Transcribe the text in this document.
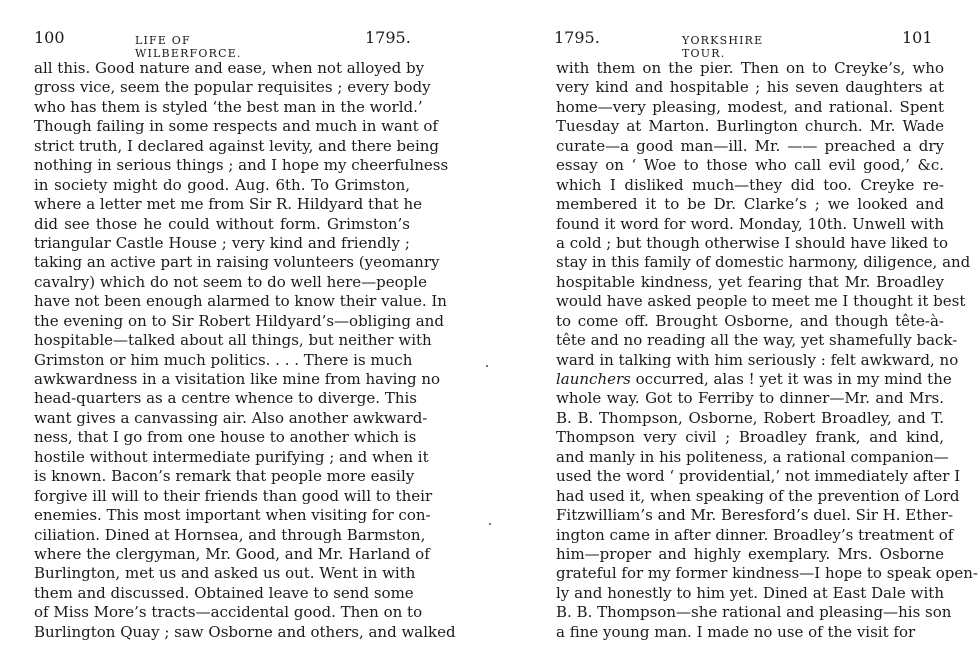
100	LIFE OF WILBERFORCE.
1795.
all this. Good nature and ease, when not alloyed by
gross vice, seem the popular requisites ; every body
who has them is styled ‘the best man in the world.’
Though failing in some respects and much in want of
strict truth, I declared against levity, and there being
nothing in serious things ; and I hope my cheerfulness
in society might do good. Aug. 6th. To Grimston,
where a letter met me from Sir R. Hildyard that he
did see those he could without form. Grimston’s
triangular Castle House ; very kind and friendly ;
taking an active part in raising volunteers (yeomanry
cavalry) which do not seem to do well here—people
have not been enough alarmed to know their value. In
the evening on to Sir Robert Hildyard’s—obliging and
hospitable—talked about all things, but neither with
Grimston or him much politics. . . . There is much
awkwardness in a visitation like mine from having no
head-quarters as a centre whence to diverge. This
want gives a canvassing air. Also another awkward-
ness, that I go from one house to another which is
hostile without intermediate purifying ; and when it
is known. Bacon’s remark that people more easily
forgive ill will to their friends than good will to their
enemies. This most important when visiting for con-
ciliation. Dined at Hornsea, and through Barmston,
where the clergyman, Mr. Good, and Mr. Harland of
Burlington, met us and asked us out. Went in with
them and discussed. Obtained leave to send some
of Miss More’s tracts—accidental good. Then on to
Burlington Quay ; saw Osborne and others, and walked
1795.	YORKSHIRE TOUR.
101
with them on the pier. Then on to Creyke’s, who
very kind and hospitable ; his seven daughters at
home—very pleasing, modest, and rational. Spent
Tuesday at Marton. Burlington church. Mr. Wade
curate—a good man—ill. Mr. —— preached a dry
essay on ‘ Woe to those who call evil good,’ &c.
which I disliked much—they did too. Creyke re-
membered it to be Dr. Clarke’s ; we looked and
found it word for word. Monday, 10th. Unwell with
a cold ; but though otherwise I should have liked to
stay in this family of domestic harmony, diligence, and
hospitable kindness, yet fearing that Mr. Broadley
would have asked people to meet me I thought it best
to come off. Brought Osborne, and though tête-à-
tête and no reading all the way, yet shamefully back-
ward in talking with him seriously : felt awkward, no
launchers occurred, alas ! yet it was in my mind the
whole way. Got to Ferriby to dinner—Mr. and Mrs.
B. B. Thompson, Osborne, Robert Broadley, and T.
Thompson very civil ; Broadley frank, and kind,
and manly in his politeness, a rational companion—
used the word ‘ providential,’ not immediately after I
had used it, when speaking of the prevention of Lord
Fitzwilliam’s and Mr. Beresford’s duel. Sir H. Ether-
ington came in after dinner. Broadley’s treatment of
him—proper and highly exemplary. Mrs. Osborne
grateful for my former kindness—I hope to speak open-
ly and honestly to him yet. Dined at East Dale with
B. B. Thompson—she rational and pleasing—his son
a fine young man. I made no use of the visit for
